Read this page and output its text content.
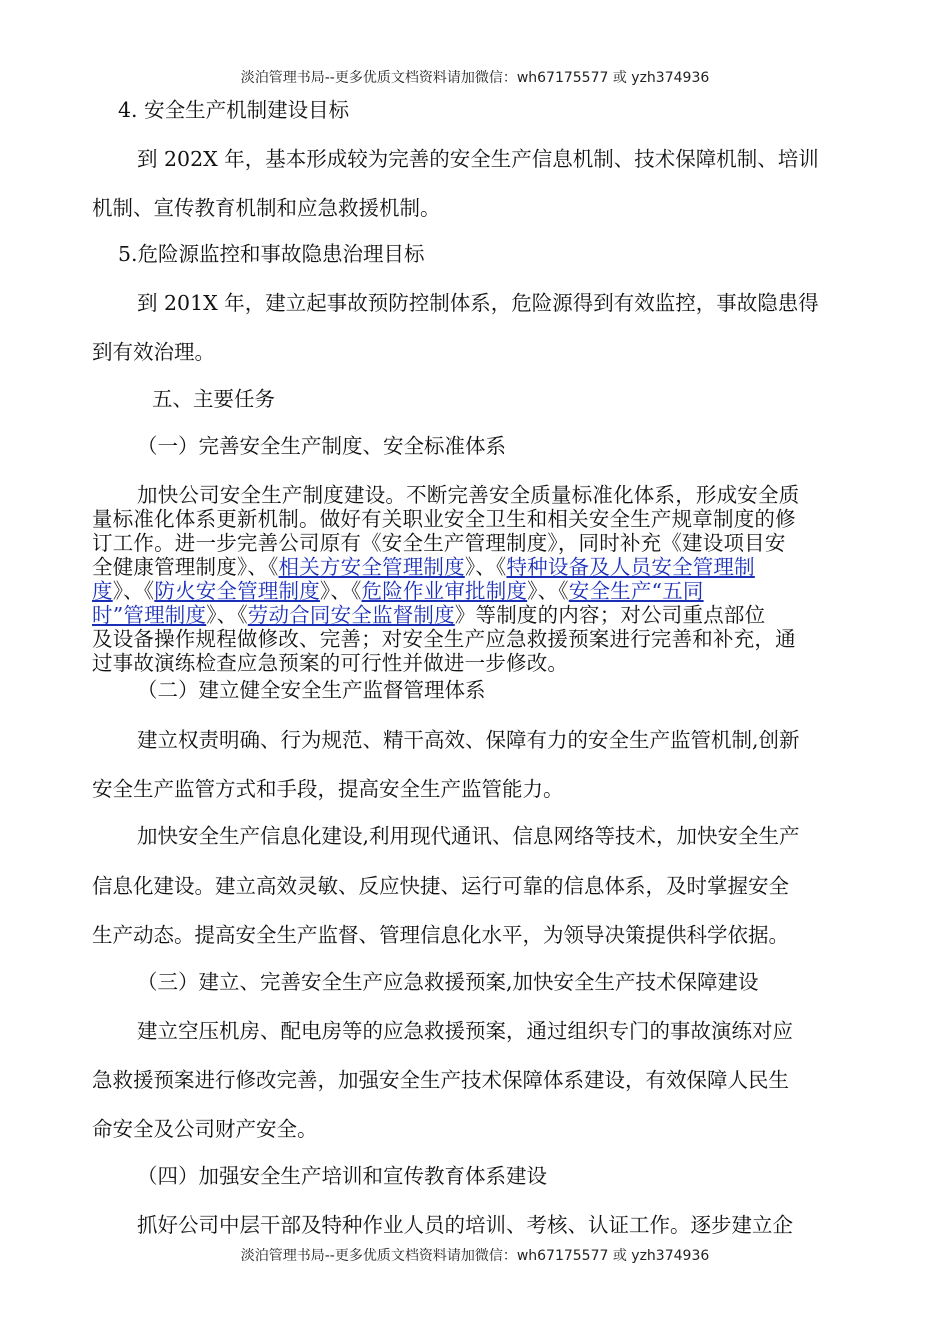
淡泊管理书局--更多优质文档资料请加微信：wh67175577 或 yzh374936
4. 安全生产机制建设目标
到 202X 年，基本形成较为完善的安全生产信息机制、技术保障机制、培训
机制、宣传教育机制和应急救援机制。
5.危险源监控和事故隐患治理目标
到 201X 年，建立起事故预防控制体系，危险源得到有效监控，事故隐患得
到有效治理。
五、主要任务
（一）完善安全生产制度、安全标准体系
加快公司安全生产制度建设。不断完善安全质量标准化体系，形成安全质
量标准化体系更新机制。做好有关职业安全卫生和相关安全生产规章制度的修
订工作。进一步完善公司原有《安全生产管理制度》，同时补充《建设项目安
全健康管理制度》、《相关方安全管理制度》、《特种设备及人员安全管理制
度》、《防火安全管理制度》、《危险作业审批制度》、《安全生产“五同
时”管理制度》、《劳动合同安全监督制度》等制度的内容；对公司重点部位
及设备操作规程做修改、完善；对安全生产应急救援预案进行完善和补充，通
过事故演练检查应急预案的可行性并做进一步修改。
（二）建立健全安全生产监督管理体系
建立权责明确、行为规范、精干高效、保障有力的安全生产监管机制,创新
安全生产监管方式和手段，提高安全生产监管能力。
加快安全生产信息化建设,利用现代通讯、信息网络等技术，加快安全生产
信息化建设。建立高效灵敏、反应快捷、运行可靠的信息体系，及时掌握安全
生产动态。提高安全生产监督、管理信息化水平，为领导决策提供科学依据。
（三）建立、完善安全生产应急救援预案,加快安全生产技术保障建设
建立空压机房、配电房等的应急救援预案，通过组织专门的事故演练对应
急救援预案进行修改完善，加强安全生产技术保障体系建设，有效保障人民生
命安全及公司财产安全。
（四）加强安全生产培训和宣传教育体系建设
抓好公司中层干部及特种作业人员的培训、考核、认证工作。逐步建立企
淡泊管理书局--更多优质文档资料请加微信：wh67175577 或 yzh374936
